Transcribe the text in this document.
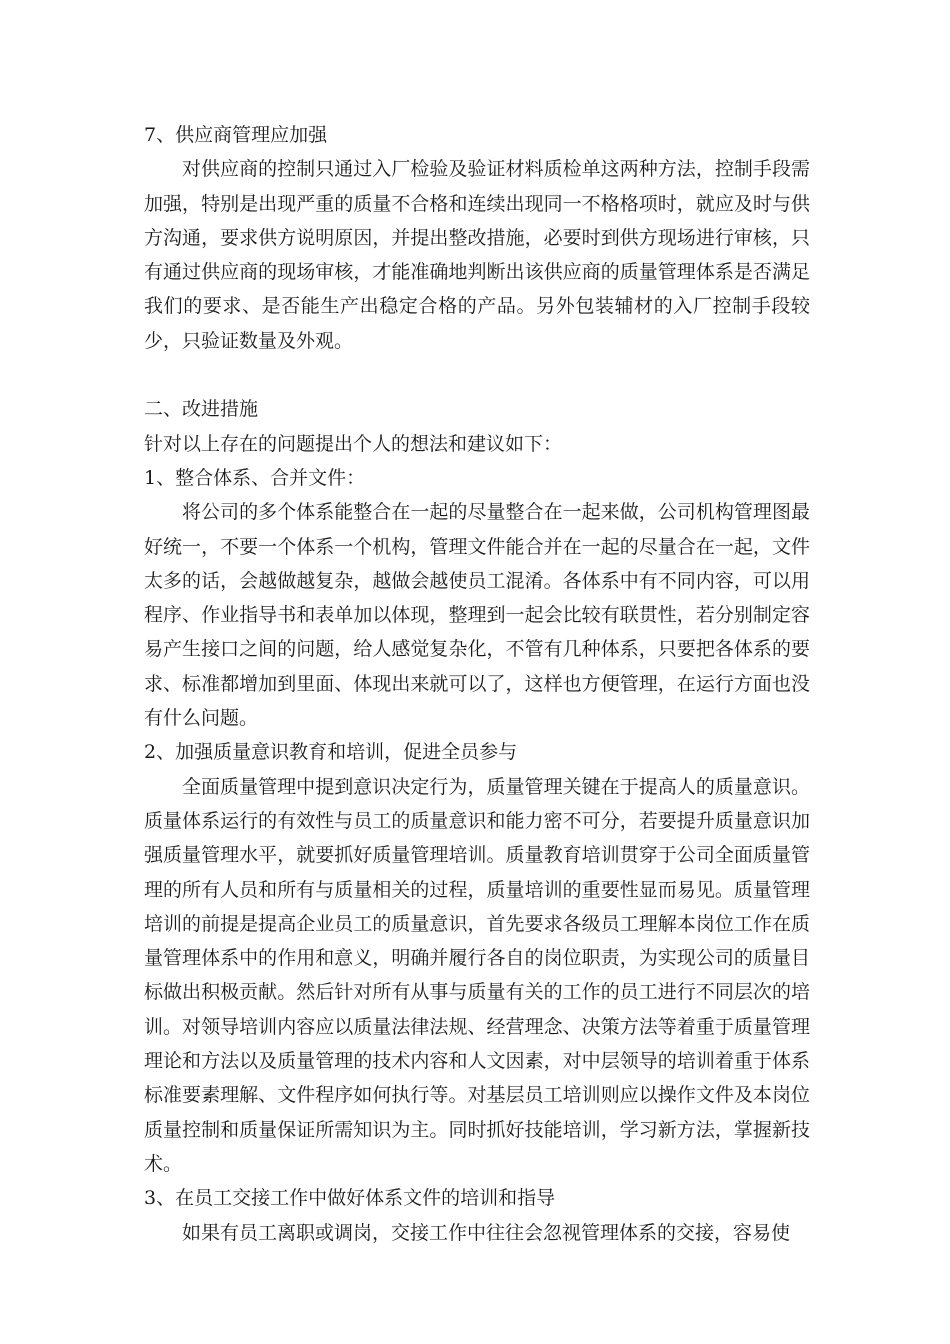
7、供应商管理应加强

对供应商的控制只通过入厂检验及验证材料质检单这两种方法，控制手段需加强，特别是出现严重的质量不合格和连续出现同一不格格项时，就应及时与供方沟通，要求供方说明原因，并提出整改措施，必要时到供方现场进行审核，只有通过供应商的现场审核，才能准确地判断出该供应商的质量管理体系是否满足我们的要求、是否能生产出稳定合格的产品。另外包装辅材的入厂控制手段较少，只验证数量及外观。

二、改进措施

针对以上存在的问题提出个人的想法和建议如下：

1、整合体系、合并文件：

将公司的多个体系能整合在一起的尽量整合在一起来做，公司机构管理图最好统一，不要一个体系一个机构，管理文件能合并在一起的尽量合在一起，文件太多的话，会越做越复杂，越做会越使员工混淆。各体系中有不同内容，可以用程序、作业指导书和表单加以体现，整理到一起会比较有联贯性，若分别制定容易产生接口之间的问题，给人感觉复杂化，不管有几种体系，只要把各体系的要求、标准都增加到里面、体现出来就可以了，这样也方便管理，在运行方面也没有什么问题。

2、加强质量意识教育和培训，促进全员参与

全面质量管理中提到意识决定行为，质量管理关键在于提高人的质量意识。质量体系运行的有效性与员工的质量意识和能力密不可分，若要提升质量意识加强质量管理水平，就要抓好质量管理培训。质量教育培训贯穿于公司全面质量管理的所有人员和所有与质量相关的过程，质量培训的重要性显而易见。质量管理培训的前提是提高企业员工的质量意识，首先要求各级员工理解本岗位工作在质量管理体系中的作用和意义，明确并履行各自的岗位职责，为实现公司的质量目标做出积极贡献。然后针对所有从事与质量有关的工作的员工进行不同层次的培训。对领导培训内容应以质量法律法规、经营理念、决策方法等着重于质量管理理论和方法以及质量管理的技术内容和人文因素，对中层领导的培训着重于体系标准要素理解、文件程序如何执行等。对基层员工培训则应以操作文件及本岗位质量控制和质量保证所需知识为主。同时抓好技能培训，学习新方法，掌握新技术。

3、在员工交接工作中做好体系文件的培训和指导

如果有员工离职或调岗，交接工作中往往会忽视管理体系的交接，容易使
